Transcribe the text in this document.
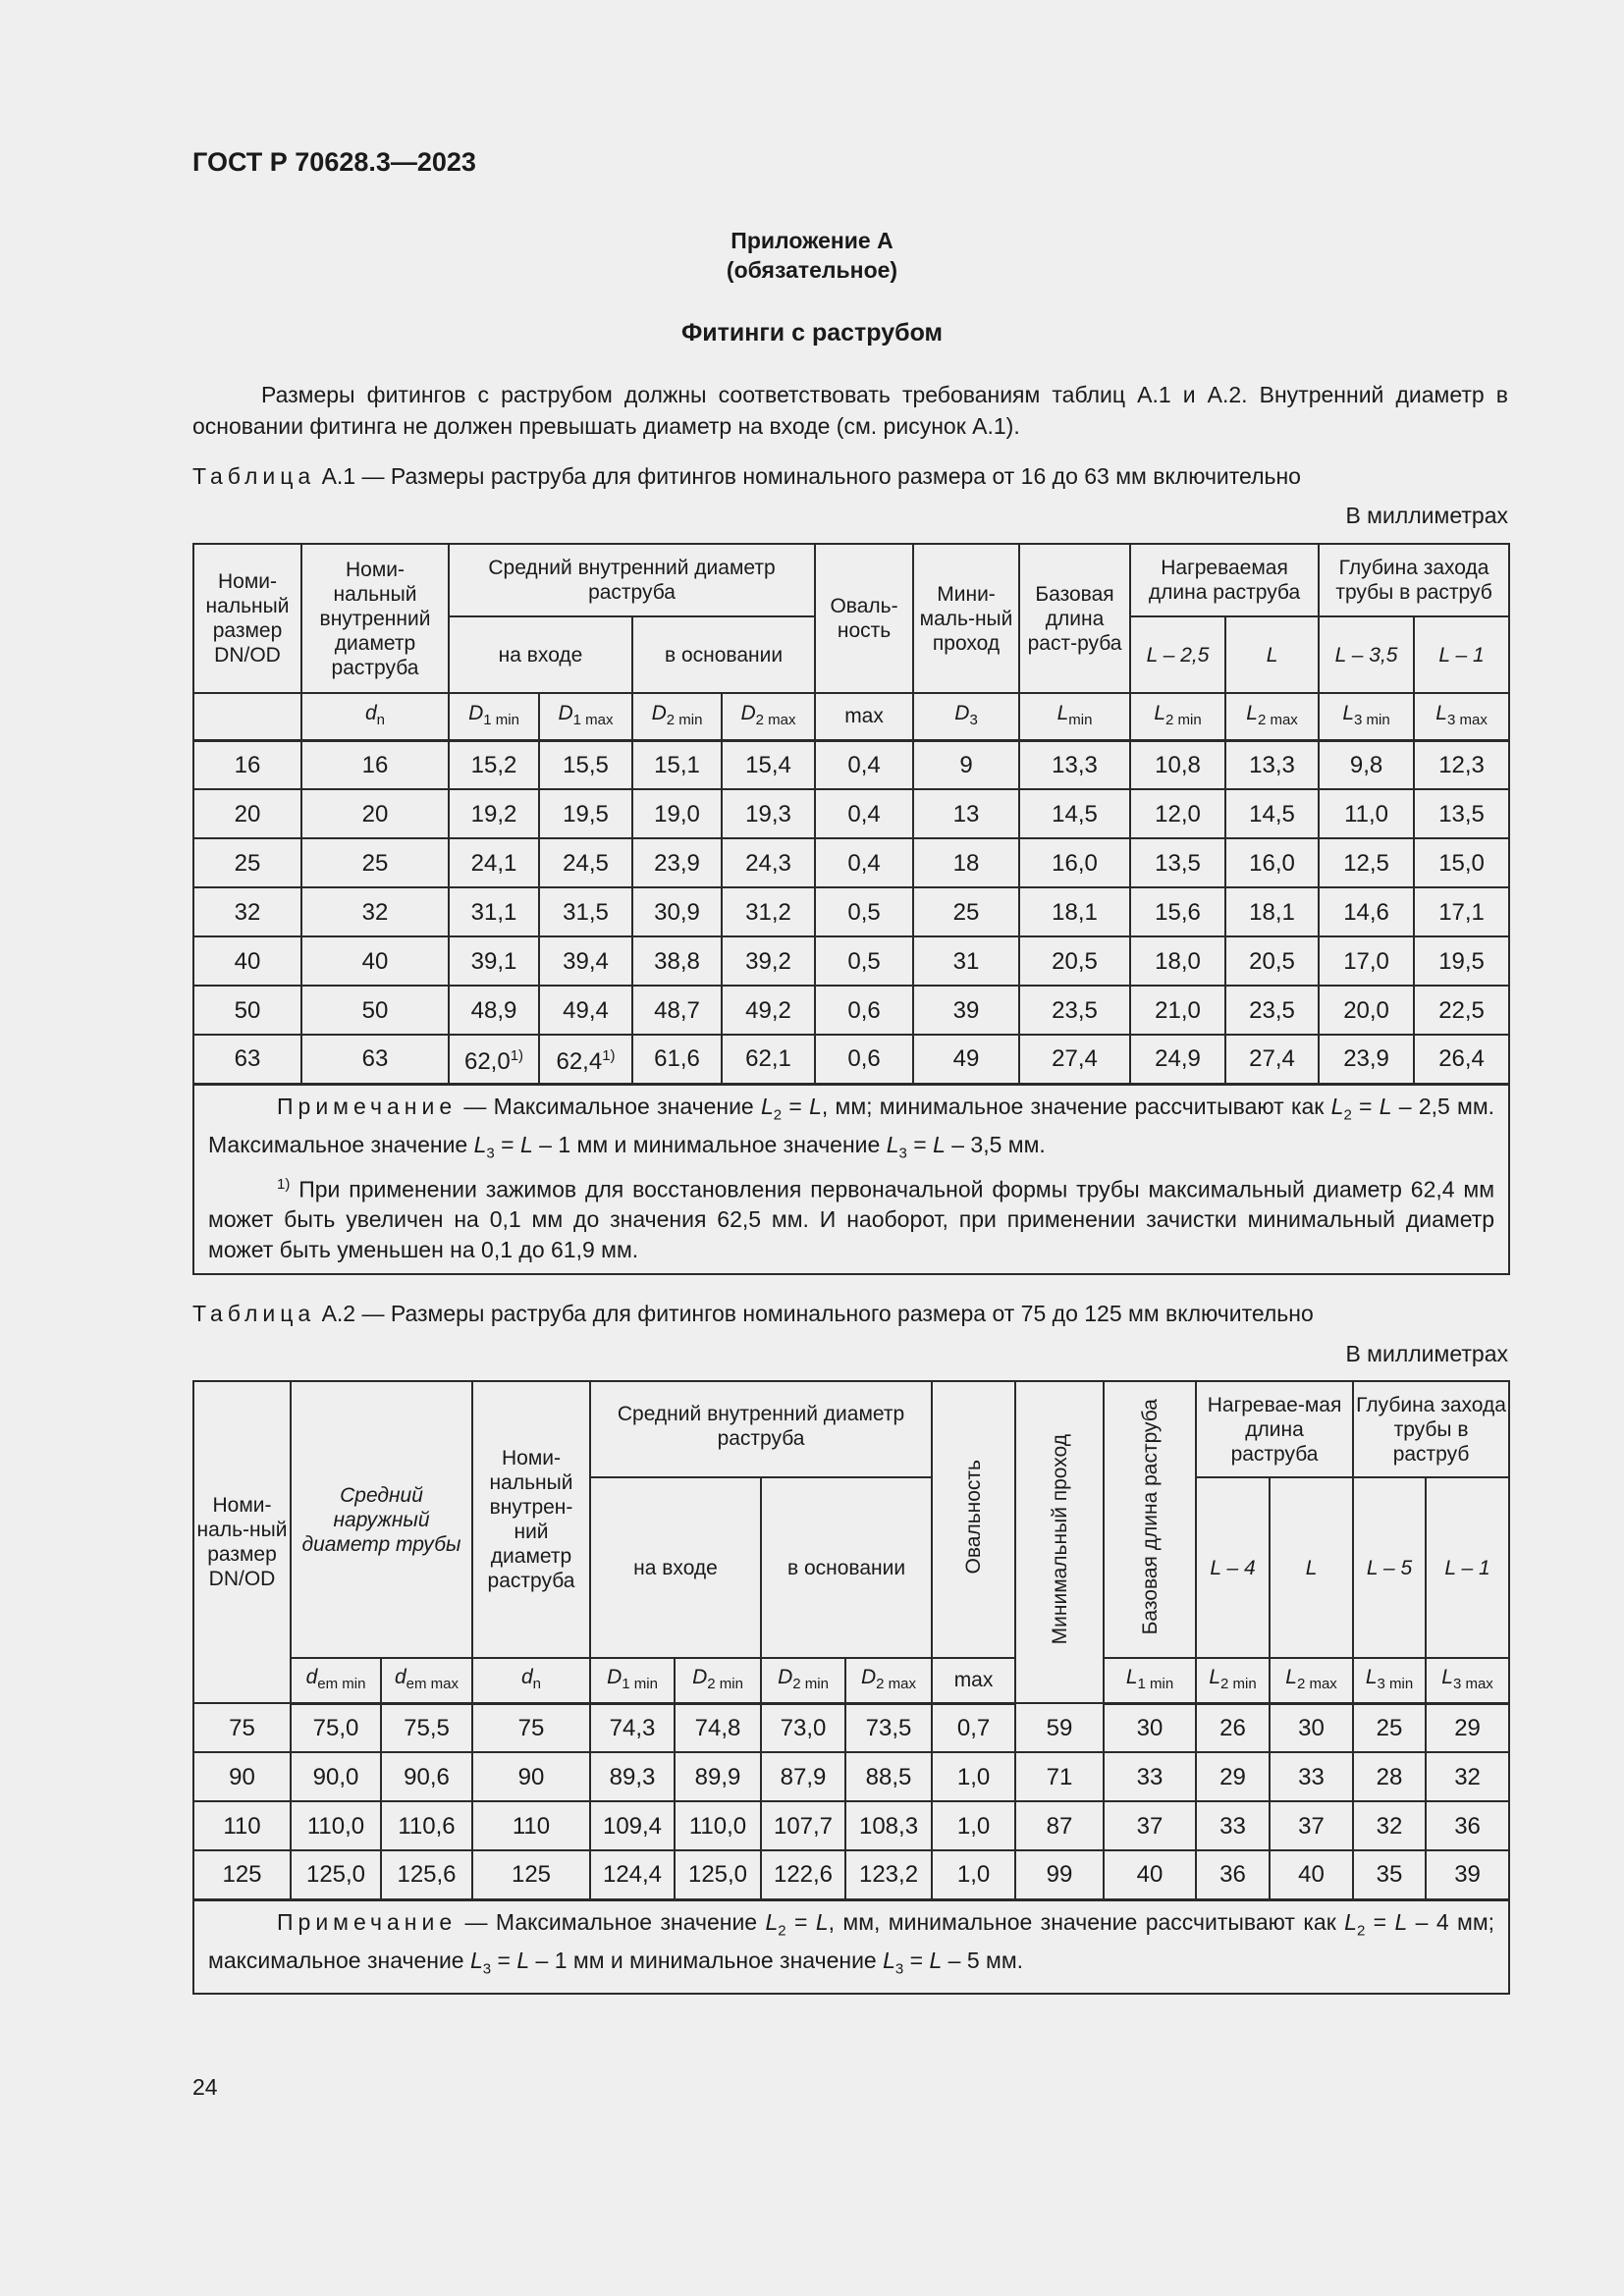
ГОСТ Р 70628.3—2023
Приложение А
(обязательное)
Фитинги с раструбом

Размеры фитингов с раструбом должны соответствовать требованиям таблиц А.1 и А.2. Внутренний диаметр в основании фитинга не должен превышать диаметр на входе (см. рисунок А.1).

Таблица А.1 — Размеры раструба для фитингов номинального размера от 16 до 63 мм включительно
В миллиметрах
Номи-нальный размер DN/OD	Номи-нальный внутренний диаметр раструба	Средний внутренний диаметр раструба				Оваль-ность	Мини-маль-ный проход	Базовая длина раст-руба	Нагреваемая длина раструба		Глубина захода трубы в раструб	
		на входе		в основании					L – 2,5	L	L – 3,5	L – 1
	$d_n$	$D_{1 min}$	$D_{1 max}$	$D_{2 min}$	$D_{2 max}$	max	$D_3$	$L_{min}$	$L_{2 min}$	$L_{2 max}$	$L_{3 min}$	$L_{3 max}$
16	16	15,2	15,5	15,1	15,4	0,4	9	13,3	10,8	13,3	9,8	12,3
20	20	19,2	19,5	19,0	19,3	0,4	13	14,5	12,0	14,5	11,0	13,5
25	25	24,1	24,5	23,9	24,3	0,4	18	16,0	13,5	16,0	12,5	15,0
32	32	31,1	31,5	30,9	31,2	0,5	25	18,1	15,6	18,1	14,6	17,1
40	40	39,1	39,4	38,8	39,2	0,5	31	20,5	18,0	20,5	17,0	19,5
50	50	48,9	49,4	48,7	49,2	0,6	39	23,5	21,0	23,5	20,0	22,5
63	63	62,0$^{1)}$	62,4$^{1)}$	61,6	62,1	0,6	49	27,4	24,9	27,4	23,9	26,4

Примечание — Максимальное значение $L_2 = L$, мм; минимальное значение рассчитывают как $L_2 = L - 2,5$ мм. Максимальное значение $L_3 = L - 1$ мм и минимальное значение $L_3 = L - 3,5$ мм.

$^{1)}$ При применении зажимов для восстановления первоначальной формы трубы максимальный диаметр 62,4 мм может быть увеличен на 0,1 мм до значения 62,5 мм. И наоборот, при применении зачистки минимальный диаметр может быть уменьшен на 0,1 до 61,9 мм.												

Таблица А.2 — Размеры раструба для фитингов номинального размера от 75 до 125 мм включительно
В миллиметрах
Номи-наль-ный размер DN/OD	Средний наружный диаметр трубы		Номи-нальный внутрен-ний диаметр раструба	Средний внутренний диаметр раструба				Овальность	Минимальный проход	Базовая длина раструба	Нагревае-мая длина раструба		Глубина захода трубы в раструб	
				на входе		в основании					L – 4	L	L – 5	L – 1
	$d_{em min}$	$d_{em max}$	$d_n$	$D_{1 min}$	$D_{2 min}$	$D_{2 min}$	$D_{2 max}$	max		$L_{1 min}$	$L_{2 min}$	$L_{2 max}$	$L_{3 min}$	$L_{3 max}$
75	75,0	75,5	75	74,3	74,8	73,0	73,5	0,7	59	30	26	30	25	29
90	90,0	90,6	90	89,3	89,9	87,9	88,5	1,0	71	33	29	33	28	32
110	110,0	110,6	110	109,4	110,0	107,7	108,3	1,0	87	37	33	37	32	36
125	125,0	125,6	125	124,4	125,0	122,6	123,2	1,0	99	40	36	40	35	39

Примечание — Максимальное значение $L_2 = L$, мм, минимальное значение рассчитывают как $L_2 = L - 4$ мм; максимальное значение $L_3 = L - 1$ мм и минимальное значение $L_3 = L - 5$ мм.														

24
